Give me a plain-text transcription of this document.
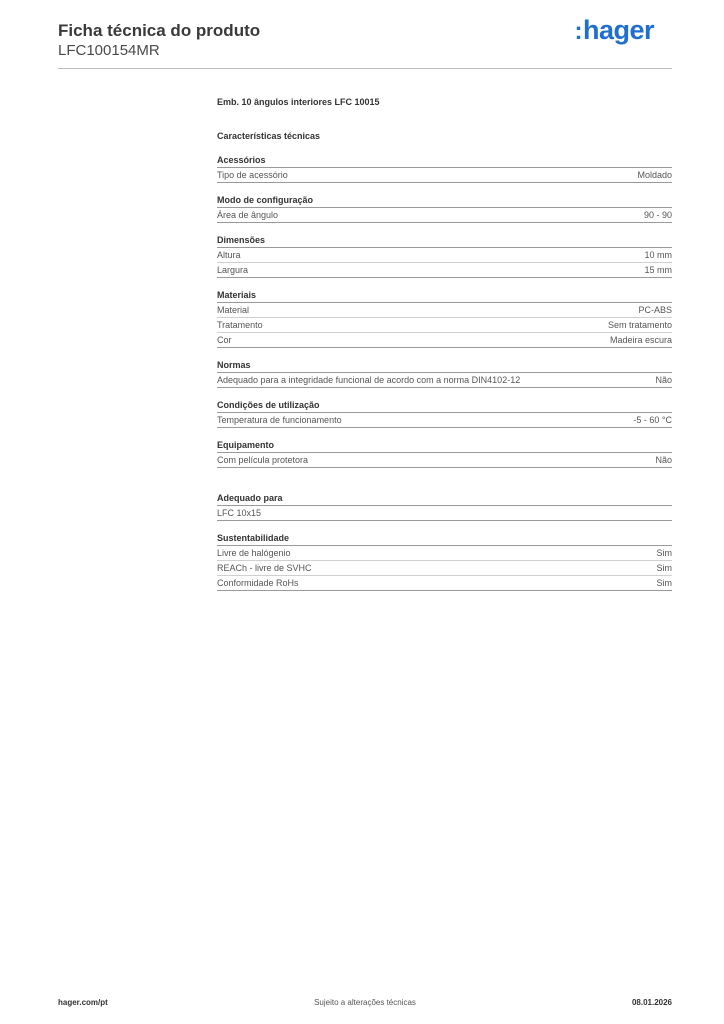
Ficha técnica do produto
LFC100154MR
:hager
Emb. 10 ângulos interiores LFC 10015
Características técnicas
Acessórios
Tipo de acessório	Moldado
Modo de configuração
Área de ângulo	90 - 90
Dimensões
Altura	10 mm
Largura	15 mm
Materiais
Material	PC-ABS
Tratamento	Sem tratamento
Cor	Madeira escura
Normas
Adequado para a integridade funcional de acordo com a norma DIN4102-12	Não
Condições de utilização
Temperatura de funcionamento	-5 - 60 °C
Equipamento
Com película protetora	Não
Adequado para
LFC 10x15
Sustentabilidade
Livre de halógenio	Sim
REACh - livre de SVHC	Sim
Conformidade RoHs	Sim
hager.com/pt	Sujeito a alterações técnicas	08.01.2026
